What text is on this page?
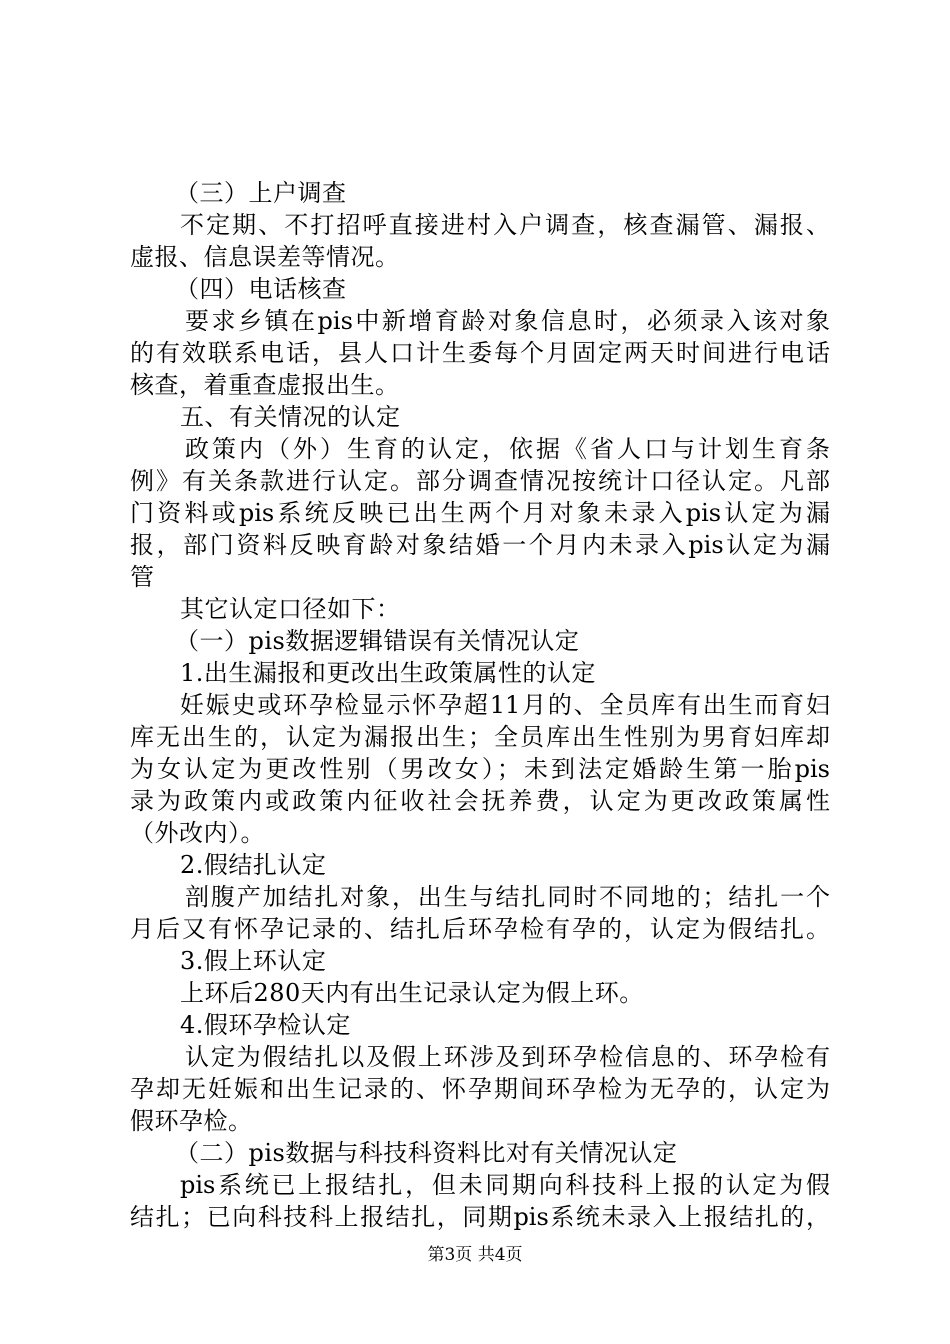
（三）上户调查
不定期、不打招呼直接进村入户调查，核查漏管、漏报、
虚报、信息误差等情况。
（四）电话核查
要求乡镇在pis中新增育龄对象信息时，必须录入该对象
的有效联系电话，县人口计生委每个月固定两天时间进行电话
核查，着重查虚报出生。
五、有关情况的认定
政策内（外）生育的认定，依据《省人口与计划生育条
例》有关条款进行认定。部分调查情况按统计口径认定。凡部
门资料或pis系统反映已出生两个月对象未录入pis认定为漏
报，部门资料反映育龄对象结婚一个月内未录入pis认定为漏
管
其它认定口径如下：
（一）pis数据逻辑错误有关情况认定
1.出生漏报和更改出生政策属性的认定
妊娠史或环孕检显示怀孕超11月的、全员库有出生而育妇
库无出生的，认定为漏报出生；全员库出生性别为男育妇库却
为女认定为更改性别（男改女）；未到法定婚龄生第一胎pis
录为政策内或政策内征收社会抚养费，认定为更改政策属性
（外改内）。
2.假结扎认定
剖腹产加结扎对象，出生与结扎同时不同地的；结扎一个
月后又有怀孕记录的、结扎后环孕检有孕的，认定为假结扎。
3.假上环认定
上环后280天内有出生记录认定为假上环。
4.假环孕检认定
认定为假结扎以及假上环涉及到环孕检信息的、环孕检有
孕却无妊娠和出生记录的、怀孕期间环孕检为无孕的，认定为
假环孕检。
（二）pis数据与科技科资料比对有关情况认定
pis系统已上报结扎，但未同期向科技科上报的认定为假
结扎；已向科技科上报结扎，同期pis系统未录入上报结扎的，
第3页 共4页
